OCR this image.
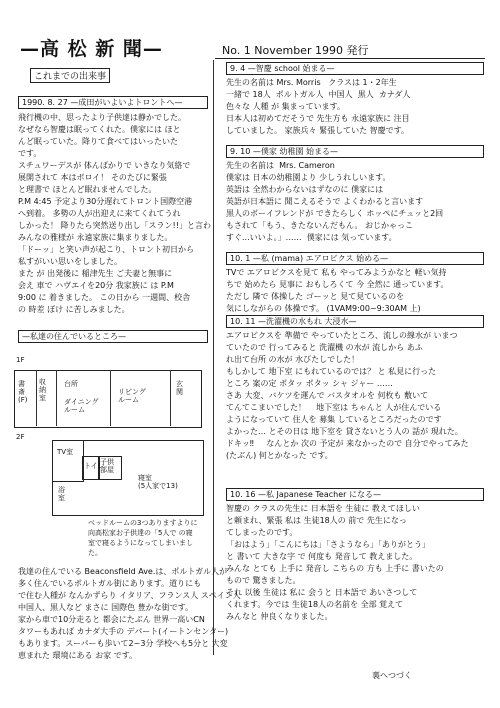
—高 松 新 聞—	No. 1 November 1990 発行
これまでの出来事
1990. 8. 27 —成田がいよいよトロントへ—

飛行機の中、思ったより子供達は静かでした。

なぜなら智慶は眠ってくれた。僕家には ほと

んど眠っていた。降りて食べてはいったいた

です。

スチュワーデスが 体んばかりで いきなり気絡で

展開されて 本はボロイ！ そのたびに緊張

と理書で ほとんど眠れませんでした。

P.M 4:45 予定より30分遅れてトロント国際空港

へ到着。 多勢の人が出迎えに来てくれてうれ

しかった！ 降りたら突然送り出し「スラン!!」と言わ

みんなの雅様が 永遠家族に集まりました。

「ドーッ」と笑い声が起こり、トロント初日から

私すがいい思いをしました。

また が 出発後に 稲津先生 ご夫妻と無事に

会え 車で ハヴエイを20分 我家族に は P.M

9:00 に 着きました。 この日から 一週間、校舎

の 時差 ぼけ に苦しみました。

—私達の住んでいるところ—
1F
書
斎
(F)
収
納
室
台所
ダイニング
ルーム
リビング
ルーム
玄
関
2F
TV室
トイレ
子供
部屋
浴
室
寝室
(5人家で13)
ベッドルームの3つありますよりに向高松家お子供達の「5人で の寝室で寝るようになってしまいました。

我達の住んでいる Beaconsfield Ave.は、ポルトガル人が

多く住んでいるポルトガル街にあります。道りにも

で住む人種が なんかずらり イタリア、フランス人 スペイン人

中国人、黒人など まさに 国際色 豊かな街です。

家から車で10分走ると 都会にたぶん 世界一高いCN

タワーもあれば カナダ大手の デパート(イートンセンター)

もあります。スーパーも歩いて2~3分 学校へも5分と 大変

恵まれた 環境にある お家 です。

9. 4 —智慶 school 始まる—

先生の名前は Mrs. Morris   クラスは 1・2年生

一緒で 18人  ポルトガル人  中国人  黒人  カナダ人

色々な 人種 が 集まっています。

日本人は初めてだそうで 先生方も 永遠家族に 注目

していました。 家族兵々 緊張していた 智慶です。

9. 10 —僕家 幼稚園 始まる—

先生の名前は  Mrs. Cameron

僕家は 日本の幼稚園より 少しうれしいます。

英語は 全然わからないはずなのに 僕家には

英語が日本語に 聞こえるそうで よくわかると言います

黒人のボーイフレンドが できたらしく ホッペにチュッと2回

もされて「もう、きたないんだもん。 おじかゃっこ

すぐ...いいよ。」……  僕家には 気っています。

10. 1 —私 (mama) エアロビクス 始める—

TVで エアロビクスを見て 私も やってみようかなと 軽い気持

ちで 始めたら 見事に おもしろくて 今 全然に 通っています。

ただし 隣で 体操した ゴーッと 見て見ているのを

気にしながらの 体操です。 (1VAM9:00~9:30AM 上)

10. 11 —洗濯機の水もれ 大浸水—

エアロビクスを 準備で やっていたところ、流しの線水が いまつ

ていたので 行ってみると 洗濯機 の水が 流しから あふ

れ出て台所 の水が 水びたしでした！

もしかして 地下室 にもれているのでは？ と 私見に行った

ところ 案の定 ポタッ ポタッ シャ ジャー ……

さあ 大変、バケツを運んで バスタオルを 何枚も 敷いて

てんてこまいでした！    地下室は ちゃんと 人が住んでいる

ようになっていて 住人を 募集 しているところだったのです

よかった… とその日は 地下室を 貸さないとう人の 話が 現れた。

ドキッ‼︎     なんとか 次の 予定が 来なかったので 自分でやってみた

(たぶん) 何とかなった です。

10. 16 —私 Japanese Teacher になる—

智慶の クラスの先生に 日本語を 生徒に 教えてほしい

と頼まれ、緊張 私は 生徒18人の 前で 先生になっ

てしまったのです。

「おはよう」「こんにちは」「さようなら」「ありがとう」

と 書いて 大きな字 で 何度も 発音して 教えました。

みんな とても 上手に 発音し こちらの 方も 上手に 書いたの

もので 驚きました。

それ 以後 生徒は 私に 会うと 日本語で あいさつして

くれます。今では 生徒18人の名前を 全部 覚えて

みんなと 仲良くなりました。

裏へつづく
